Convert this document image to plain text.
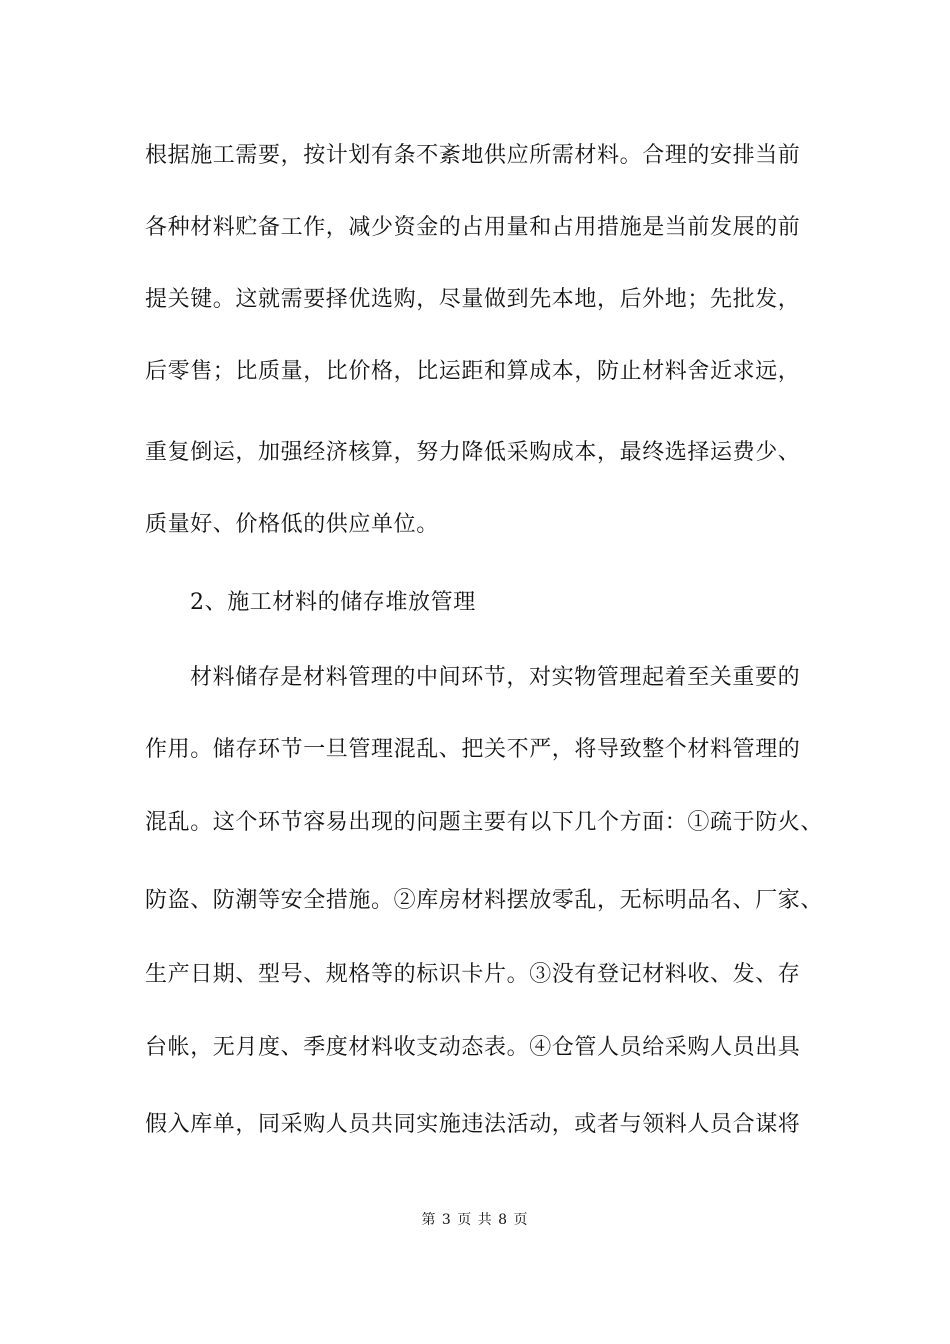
根据施工需要，按计划有条不紊地供应所需材料。合理的安排当前
各种材料贮备工作，减少资金的占用量和占用措施是当前发展的前
提关键。这就需要择优选购，尽量做到先本地，后外地；先批发，
后零售；比质量，比价格，比运距和算成本，防止材料舍近求远，
重复倒运，加强经济核算，努力降低采购成本，最终选择运费少、
质量好、价格低的供应单位。
2、施工材料的储存堆放管理
材料储存是材料管理的中间环节，对实物管理起着至关重要的
作用。储存环节一旦管理混乱、把关不严，将导致整个材料管理的
混乱。这个环节容易出现的问题主要有以下几个方面：①疏于防火、
防盗、防潮等安全措施。②库房材料摆放零乱，无标明品名、厂家、
生产日期、型号、规格等的标识卡片。③没有登记材料收、发、存
台帐，无月度、季度材料收支动态表。④仓管人员给采购人员出具
假入库单，同采购人员共同实施违法活动，或者与领料人员合谋将
第 3 页 共 8 页
